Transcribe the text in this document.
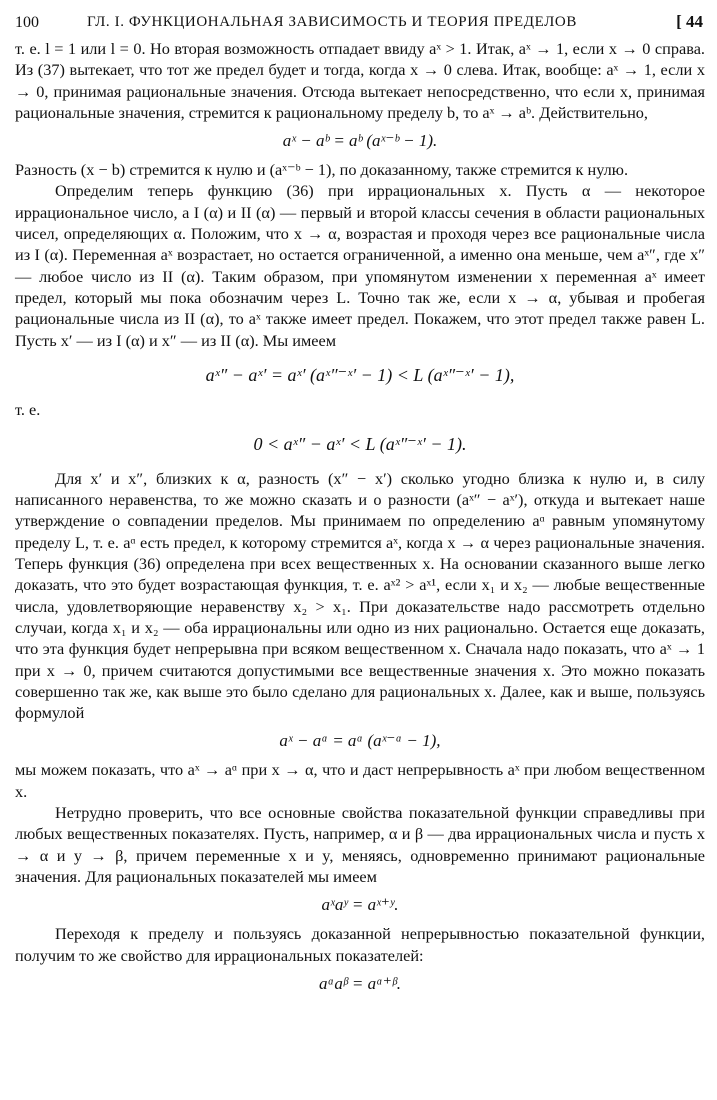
100	ГЛ. I. ФУНКЦИОНАЛЬНАЯ ЗАВИСИМОСТЬ И ТЕОРИЯ ПРЕДЕЛОВ	[ 44

т. е. l = 1 или l = 0. Но вторая возможность отпадает ввиду aˣ > 1. Итак, aˣ → 1, если x → 0 справа. Из (37) вытекает, что тот же предел будет и тогда, когда x → 0 слева. Итак, вообще: aˣ → 1, если x → 0, принимая рациональные значения. Отсюда вытекает непосредственно, что если x, принимая рациональные значения, стремится к рациональному пределу b, то aˣ → aᵇ. Действительно,

aˣ − aᵇ = aᵇ (aˣ⁻ᵇ − 1).

Разность (x − b) стремится к нулю и (aˣ⁻ᵇ − 1), по доказанному, также стремится к нулю.

Определим теперь функцию (36) при иррациональных x. Пусть α — некоторое иррациональное число, а I (α) и II (α) — первый и второй классы сечения в области рациональных чисел, определяющих α. Положим, что x → α, возрастая и проходя через все рациональные числа из I (α). Переменная aˣ возрастает, но остается ограниченной, а именно она меньше, чем aˣ″, где x″ — любое число из II (α). Таким образом, при упомянутом изменении x переменная aˣ имеет предел, который мы пока обозначим через L. Точно так же, если x → α, убывая и пробегая рациональные числа из II (α), то aˣ также имеет предел. Покажем, что этот предел также равен L. Пусть x′ — из I (α) и x″ — из II (α). Мы имеем

aˣ″ − aˣ′ = aˣ′ (aˣ″⁻ˣ′ − 1) < L (aˣ″⁻ˣ′ − 1),

т. е.

0 < aˣ″ − aˣ′ < L (aˣ″⁻ˣ′ − 1).

Для x′ и x″, близких к α, разность (x″ − x′) сколько угодно близка к нулю и, в силу написанного неравенства, то же можно сказать и о разности (aˣ″ − aˣ′), откуда и вытекает наше утверждение о совпадении пределов. Мы принимаем по определению aᵅ равным упомянутому пределу L, т. е. aᵅ есть предел, к которому стремится aˣ, когда x → α через рациональные значения. Теперь функция (36) определена при всех вещественных x. На основании сказанного выше легко доказать, что это будет возрастающая функция, т. е. aˣ² > aˣ¹, если x₁ и x₂ — любые вещественные числа, удовлетворяющие неравенству x₂ > x₁. При доказательстве надо рассмотреть отдельно случаи, когда x₁ и x₂ — оба иррациональны или одно из них рационально. Остается еще доказать, что эта функция будет непрерывна при всяком вещественном x. Сначала надо показать, что aˣ → 1 при x → 0, причем считаются допустимыми все вещественные значения x. Это можно показать совершенно так же, как выше это было сделано для рациональных x. Далее, как и выше, пользуясь формулой

aˣ − aᵅ = aᵅ (aˣ⁻ᵅ − 1),

мы можем показать, что aˣ → aᵅ при x → α, что и даст непрерывность aˣ при любом вещественном x.

Нетрудно проверить, что все основные свойства показательной функции справедливы при любых вещественных показателях. Пусть, например, α и β — два иррациональных числа и пусть x → α и y → β, причем переменные x и y, меняясь, одновременно принимают рациональные значения. Для рациональных показателей мы имеем

aˣaʸ = aˣ⁺ʸ.

Переходя к пределу и пользуясь доказанной непрерывностью показательной функции, получим то же свойство для иррациональных показателей:

aᵅaᵝ = aᵅ⁺ᵝ.
